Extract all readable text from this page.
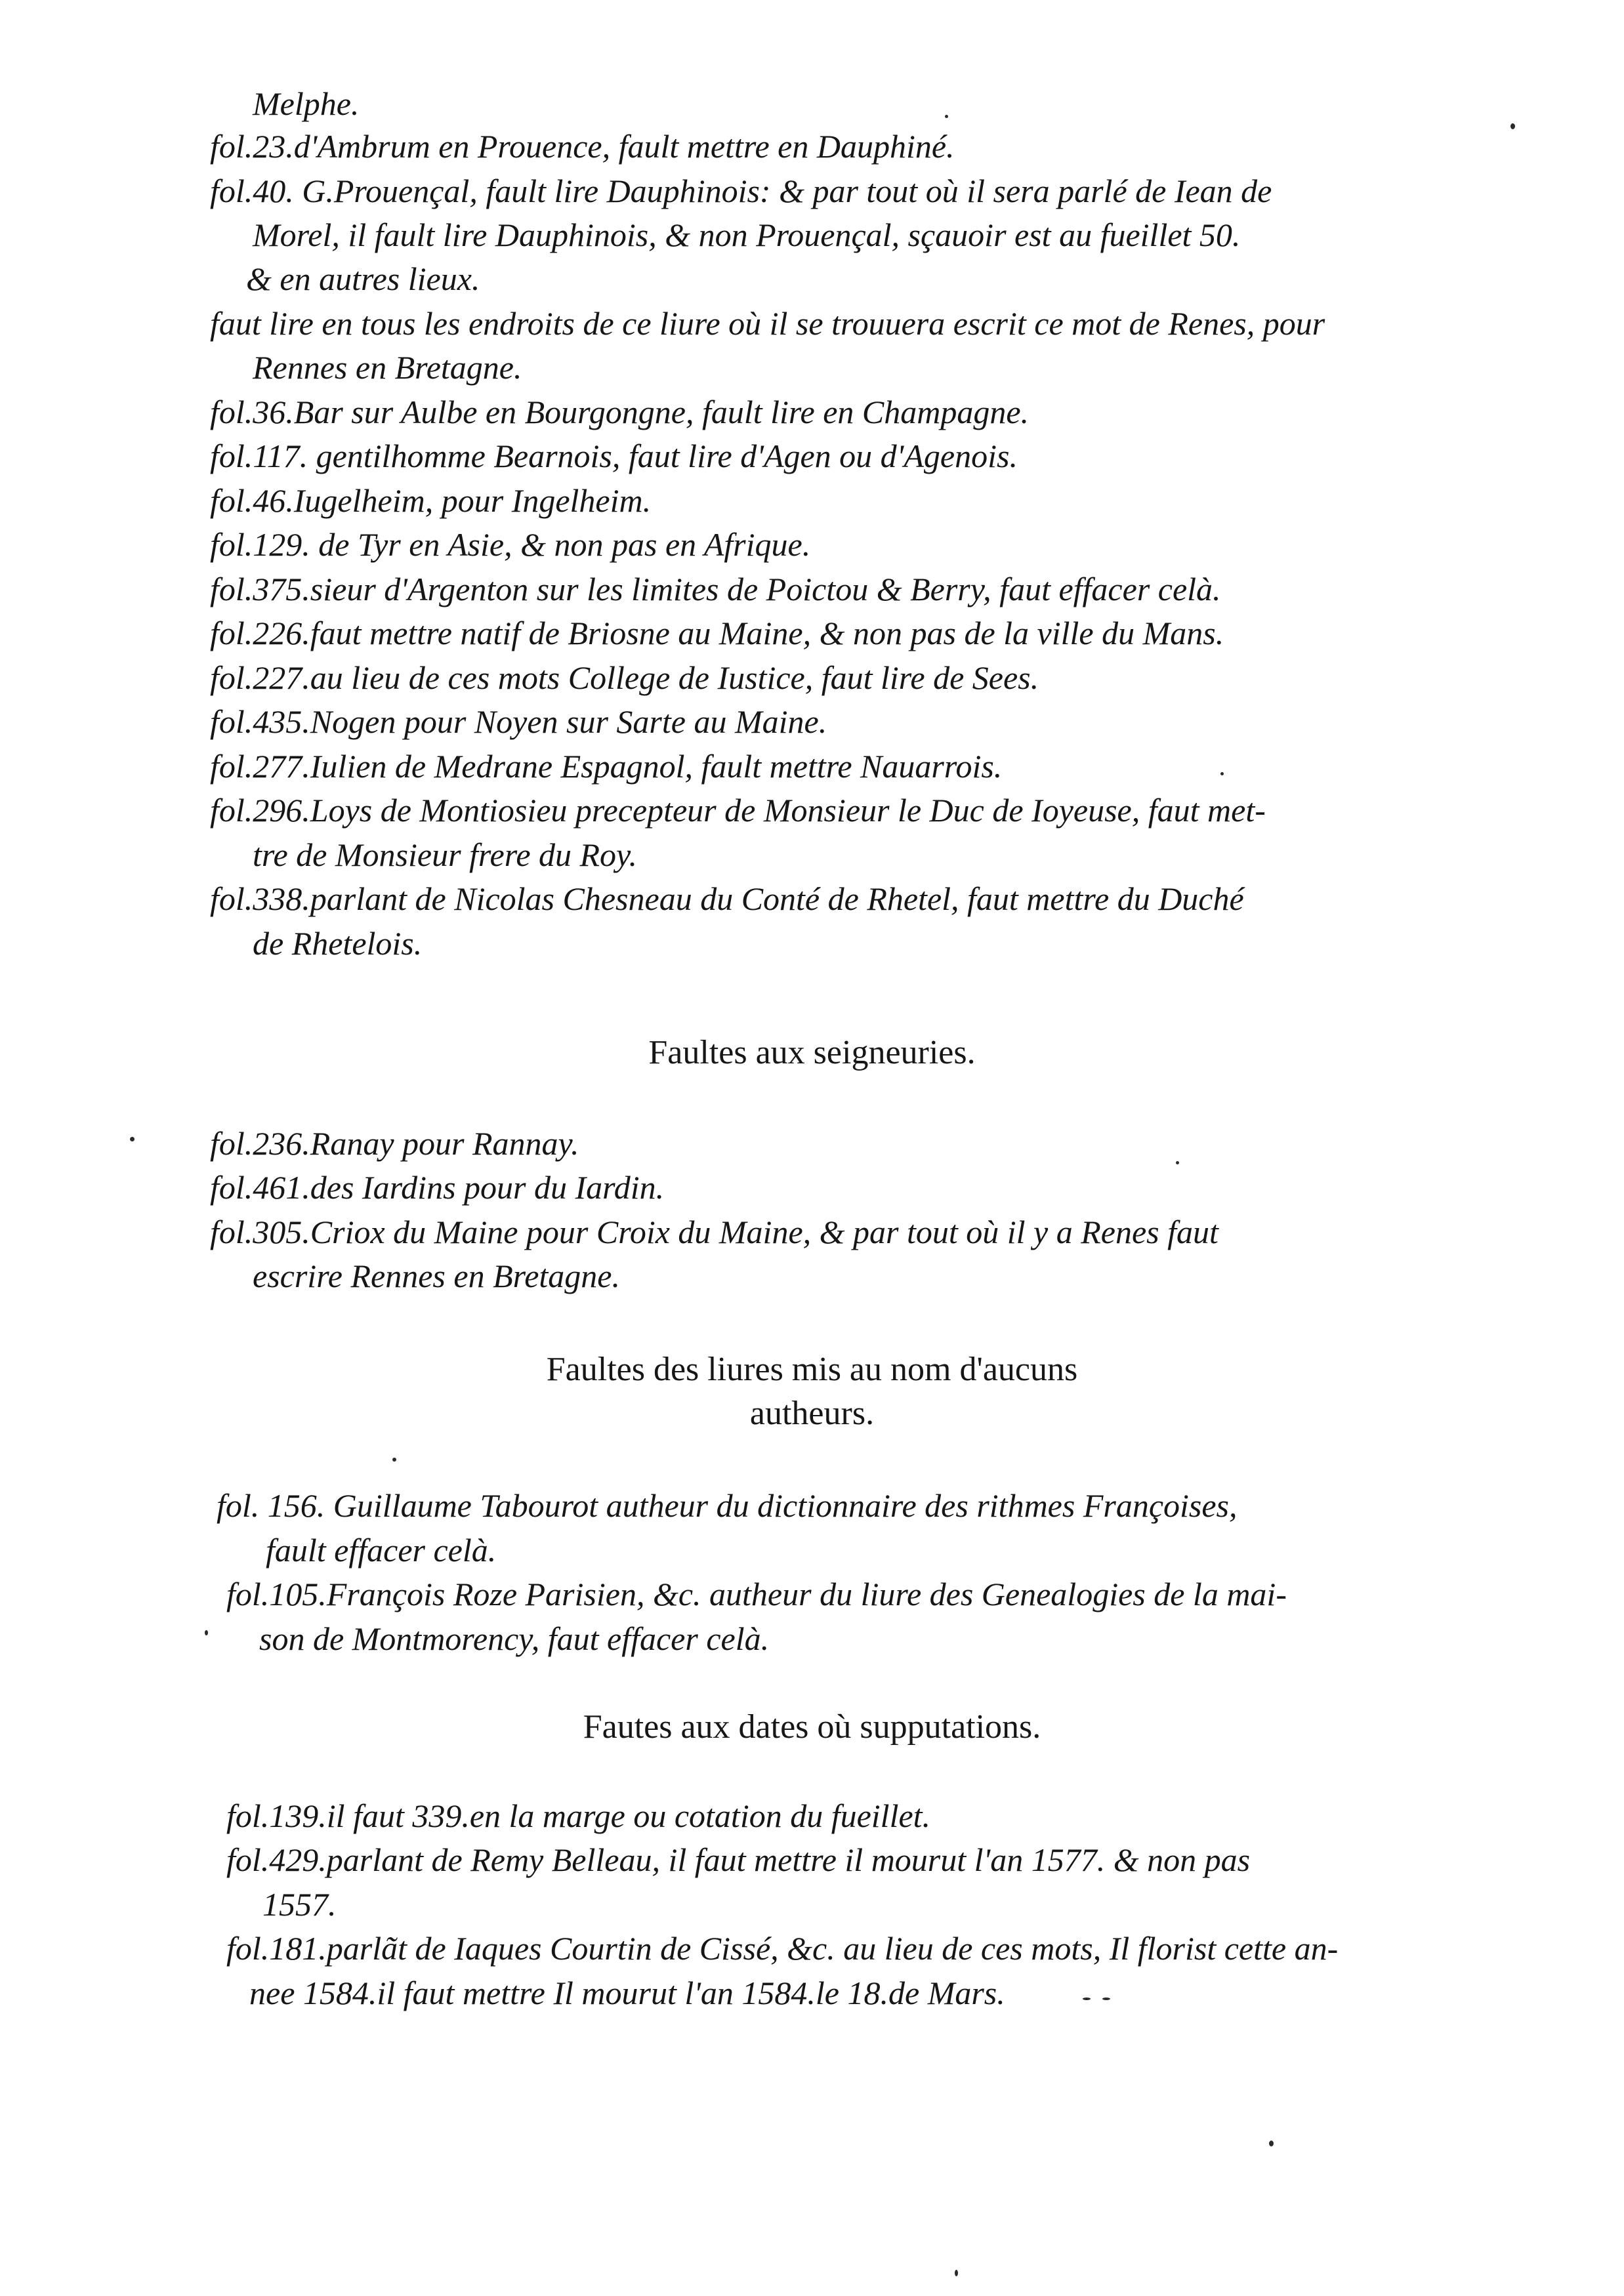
Melphe.
fol.23.d'Ambrum en Prouence, fault mettre en Dauphiné.
fol.40. G.Prouençal, fault lire Dauphinois: & par tout où il sera parlé de Iean de
Morel, il fault lire Dauphinois, & non Prouençal, sçauoir est au fueillet 50.
& en autres lieux.
faut lire en tous les endroits de ce liure où il se trouuera escrit ce mot de Renes, pour
Rennes en Bretagne.
fol.36.Bar sur Aulbe en Bourgongne, fault lire en Champagne.
fol.117. gentilhomme Bearnois, faut lire d'Agen ou d'Agenois.
fol.46.Iugelheim, pour Ingelheim.
fol.129. de Tyr en Asie, & non pas en Afrique.
fol.375.sieur d'Argenton sur les limites de Poictou & Berry, faut effacer celà.
fol.226.faut mettre natif de Briosne au Maine, & non pas de la ville du Mans.
fol.227.au lieu de ces mots College de Iustice, faut lire de Sees.
fol.435.Nogen pour Noyen sur Sarte au Maine.
fol.277.Iulien de Medrane Espagnol, fault mettre Nauarrois.
fol.296.Loys de Montiosieu precepteur de Monsieur le Duc de Ioyeuse, faut met-
tre de Monsieur frere du Roy.
fol.338.parlant de Nicolas Chesneau du Conté de Rhetel, faut mettre du Duché
de Rhetelois.
Faultes aux seigneuries.
fol.236.Ranay pour Rannay.
fol.461.des Iardins pour du Iardin.
fol.305.Criox du Maine pour Croix du Maine, & par tout où il y a Renes faut
escrire Rennes en Bretagne.
Faultes des liures mis au nom d'aucuns
autheurs.
fol. 156. Guillaume Tabourot autheur du dictionnaire des rithmes Françoises,
fault effacer celà.
fol.105.François Roze Parisien, &c. autheur du liure des Genealogies de la mai-
son de Montmorency, faut effacer celà.
Fautes aux dates où supputations.
fol.139.il faut 339.en la marge ou cotation du fueillet.
fol.429.parlant de Remy Belleau, il faut mettre il mourut l'an 1577. & non pas
1557.
fol.181.parlãt de Iaques Courtin de Cissé, &c. au lieu de ces mots, Il florist cette an-
nee 1584.il faut mettre Il mourut l'an 1584.le 18.de Mars.
